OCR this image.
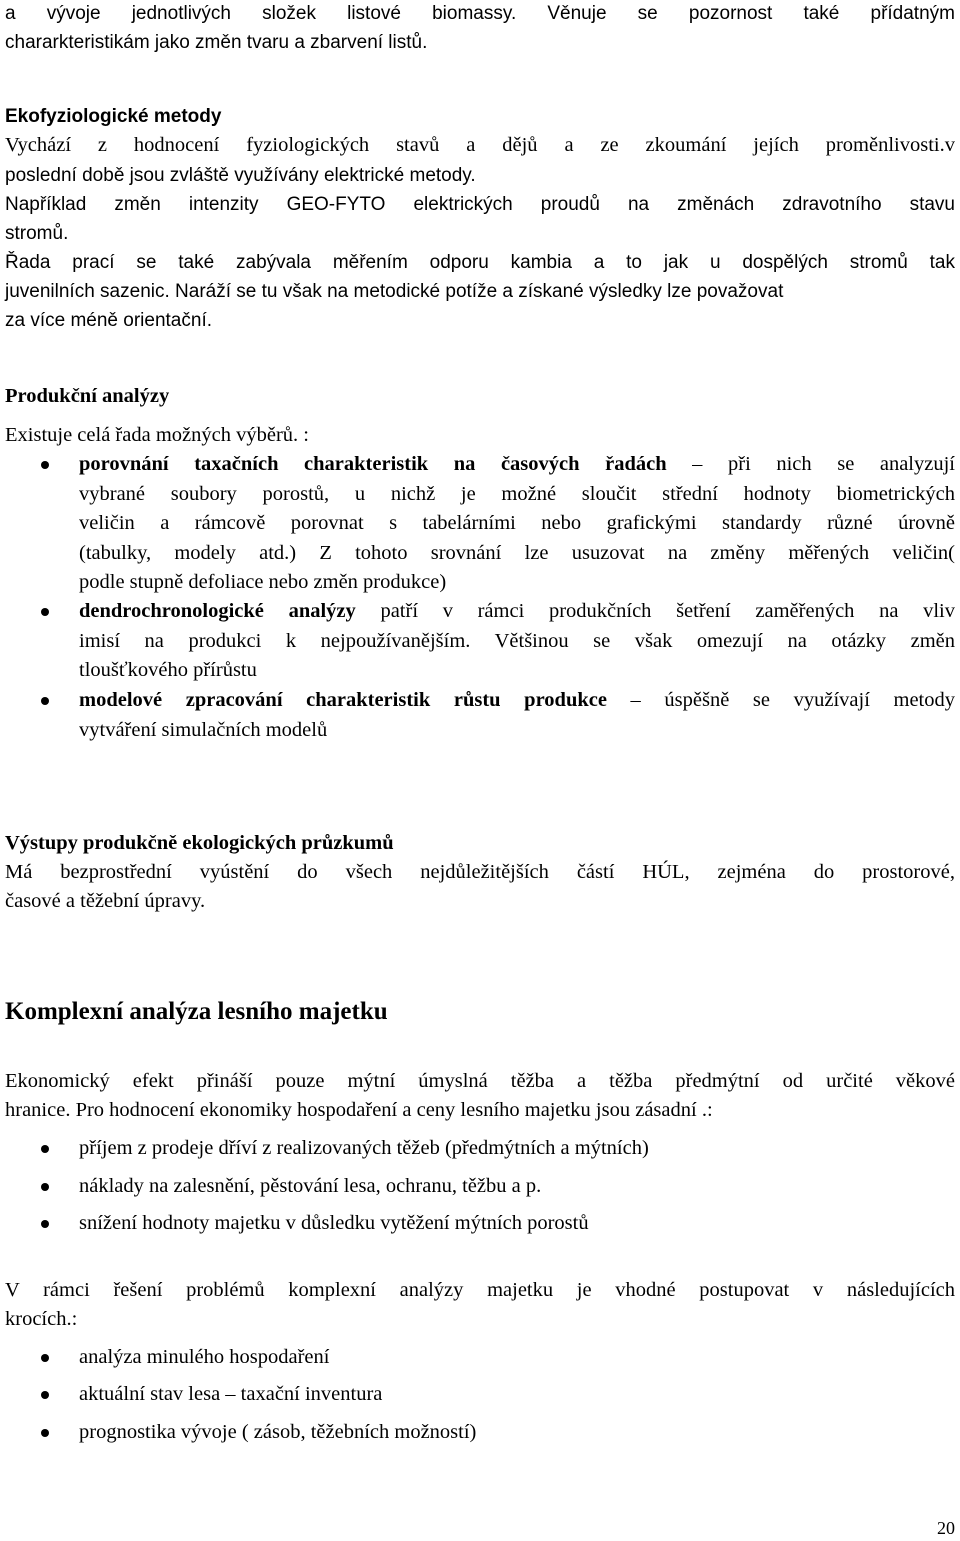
a vývoje jednotlivých složek listové biomassy. Věnuje se pozornost také přídatným
chararkteristikám jako změn tvaru a zbarvení listů.
Ekofyziologické metody
Vychází z hodnocení fyziologických stavů a dějů a ze zkoumání jejích proměnlivosti.v
poslední době jsou zvláště využívány elektrické metody.
Například změn intenzity GEO-FYTO elektrických proudů na změnách zdravotního stavu
stromů.
Řada prací se také zabývala měřením odporu kambia a to jak u dospělých stromů tak
juvenilních sazenic. Naráží se tu však na metodické potíže a získané výsledky lze považovat
za více méně orientační.
Produkční analýzy
Existuje celá řada možných výběrů. :
porovnání taxačních charakteristik na časových řadách – při nich se analyzují
vybrané soubory porostů, u nichž je možné sloučit střední hodnoty biometrických
veličin a rámcově porovnat s tabelárními nebo grafickými standardy různé úrovně
(tabulky, modely atd.) Z tohoto srovnání lze usuzovat na změny měřených veličin(
podle stupně defoliace nebo změn produkce)
dendrochronologické analýzy patří v rámci produkčních šetření zaměřených na vliv
imisí na produkci k nejpoužívanějším. Většinou se však omezují na otázky změn
tloušťkového přírůstu
modelové zpracování charakteristik růstu produkce – úspěšně se využívají metody
vytváření simulačních modelů
Výstupy produkčně ekologických průzkumů
Má bezprostřední vyústění do všech nejdůležitějších částí HÚL, zejména do prostorové,
časové a těžební úpravy.
Komplexní analýza lesního majetku
Ekonomický efekt přináší pouze mýtní úmyslná těžba a těžba předmýtní od určité věkové
hranice. Pro hodnocení ekonomiky hospodaření a ceny lesního majetku jsou zásadní .:
příjem z prodeje dříví z realizovaných těžeb (předmýtních a mýtních)
náklady na zalesnění, pěstování lesa, ochranu, těžbu a p.
snížení hodnoty majetku v důsledku vytěžení mýtních porostů
V rámci řešení problémů komplexní analýzy majetku je vhodné postupovat v následujících
krocích.:
analýza minulého hospodaření
aktuální stav lesa – taxační inventura
prognostika vývoje ( zásob, těžebních možností)
20
